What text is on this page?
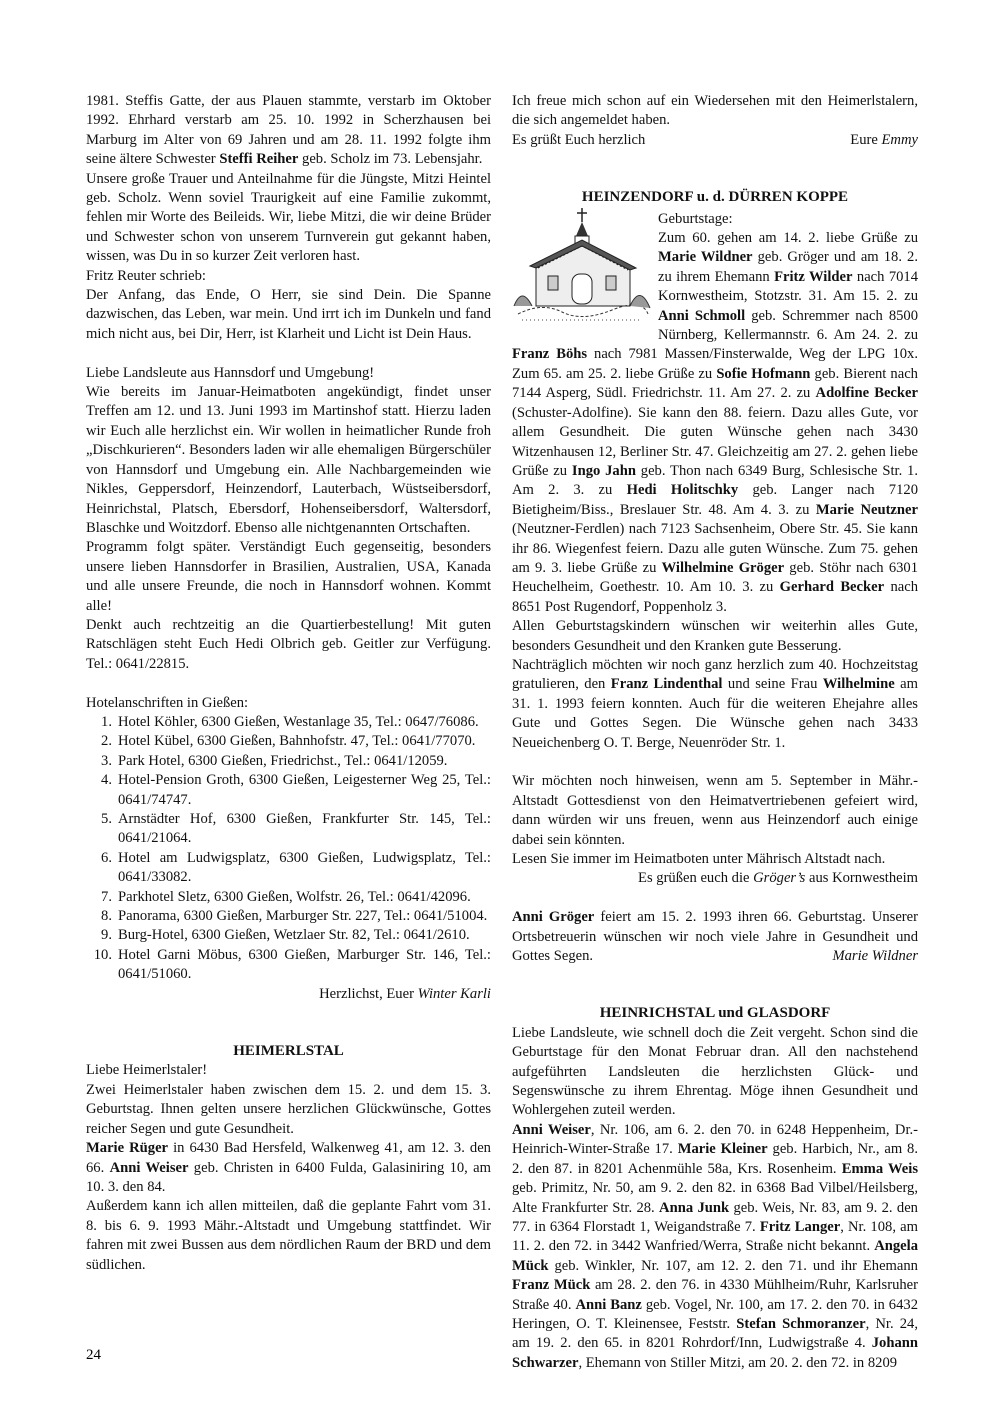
1981. Steffis Gatte, der aus Plauen stammte, verstarb im Oktober 1992. Ehrhard verstarb am 25. 10. 1992 in Scherzhausen bei Marburg im Alter von 69 Jahren und am 28. 11. 1992 folgte ihm seine ältere Schwester Steffi Reiher geb. Scholz im 73. Lebensjahr.

Unsere große Trauer und Anteilnahme für die Jüngste, Mitzi Heintel geb. Scholz. Wenn soviel Traurigkeit auf eine Familie zukommt, fehlen mir Worte des Beileids. Wir, liebe Mitzi, die wir deine Brüder und Schwester schon von unserem Turnverein gut gekannt haben, wissen, was Du in so kurzer Zeit verloren hast.

Fritz Reuter schrieb:

Der Anfang, das Ende, O Herr, sie sind Dein. Die Spanne dazwischen, das Leben, war mein. Und irrt ich im Dunkeln und fand mich nicht aus, bei Dir, Herr, ist Klarheit und Licht ist Dein Haus.

Liebe Landsleute aus Hannsdorf und Umgebung!

Wie bereits im Januar-Heimatboten angekündigt, findet unser Treffen am 12. und 13. Juni 1993 im Martinshof statt. Hierzu laden wir Euch alle herzlichst ein. Wir wollen in heimatlicher Runde froh „Dischkurieren“. Besonders laden wir alle ehemaligen Bürgerschüler von Hannsdorf und Umgebung ein. Alle Nachbargemeinden wie Nikles, Geppersdorf, Heinzendorf, Lauterbach, Wüstseibersdorf, Heinrichstal, Platsch, Ebersdorf, Hohenseibersdorf, Waltersdorf, Blaschke und Woitzdorf. Ebenso alle nichtgenannten Ortschaften.

Programm folgt später. Verständigt Euch gegenseitig, besonders unsere lieben Hannsdorfer in Brasilien, Australien, USA, Kanada und alle unsere Freunde, die noch in Hannsdorf wohnen. Kommt alle!

Denkt auch rechtzeitig an die Quartierbestellung! Mit guten Ratschlägen steht Euch Hedi Olbrich geb. Geitler zur Verfügung. Tel.: 0641/22815.

Hotelanschriften in Gießen:

1. Hotel Köhler, 6300 Gießen, Westanlage 35, Tel.: 0647/76086.
2. Hotel Kübel, 6300 Gießen, Bahnhofstr. 47, Tel.: 0641/77070.
3. Park Hotel, 6300 Gießen, Friedrichst., Tel.: 0641/12059.
4. Hotel-Pension Groth, 6300 Gießen, Leigesterner Weg 25, Tel.: 0641/74747.
5. Arnstädter Hof, 6300 Gießen, Frankfurter Str. 145, Tel.: 0641/21064.
6. Hotel am Ludwigsplatz, 6300 Gießen, Ludwigsplatz, Tel.: 0641/33082.
7. Parkhotel Sletz, 6300 Gießen, Wolfstr. 26, Tel.: 0641/42096.
8. Panorama, 6300 Gießen, Marburger Str. 227, Tel.: 0641/51004.
9. Burg-Hotel, 6300 Gießen, Wetzlaer Str. 82, Tel.: 0641/2610.
10. Hotel Garni Möbus, 6300 Gießen, Marburger Str. 146, Tel.: 0641/51060.

Herzlichst, Euer Winter Karli

HEIMERLSTAL

Liebe Heimerlstaler!

Zwei Heimerlstaler haben zwischen dem 15. 2. und dem 15. 3. Geburtstag. Ihnen gelten unsere herzlichen Glückwünsche, Gottes reicher Segen und gute Gesundheit.

Marie Rüger in 6430 Bad Hersfeld, Walkenweg 41, am 12. 3. den 66. Anni Weiser geb. Christen in 6400 Fulda, Galasiniring 10, am 10. 3. den 84.

Außerdem kann ich allen mitteilen, daß die geplante Fahrt vom 31. 8. bis 6. 9. 1993 Mähr.-Altstadt und Umgebung stattfindet. Wir fahren mit zwei Bussen aus dem nördlichen Raum der BRD und dem südlichen.

Ich freue mich schon auf ein Wiedersehen mit den Heimerlstalern, die sich angemeldet haben.

Es grüßt Euch herzlich	Eure Emmy

HEINZENDORF u. d. DÜRREN KOPPE

Geburtstage:

Zum 60. gehen am 14. 2. liebe Grüße zu Marie Wildner geb. Gröger und am 18. 2. zu ihrem Ehemann Fritz Wilder nach 7014 Kornwestheim, Stotzstr. 31. Am 15. 2. zu Anni Schmoll geb. Schremmer nach 8500 Nürnberg, Kellermannstr. 6. Am 24. 2. zu Franz Böhs nach 7981 Massen/Finsterwalde, Weg der LPG 10x. Zum 65. am 25. 2. liebe Grüße zu Sofie Hofmann geb. Bierent nach 7144 Asperg, Südl. Friedrichstr. 11. Am 27. 2. zu Adolfine Becker (Schuster-Adolfine). Sie kann den 88. feiern. Dazu alles Gute, vor allem Gesundheit. Die guten Wünsche gehen nach 3430 Witzenhausen 12, Berliner Str. 47. Gleichzeitig am 27. 2. gehen liebe Grüße zu Ingo Jahn geb. Thon nach 6349 Burg, Schlesische Str. 1. Am 2. 3. zu Hedi Holitschky geb. Langer nach 7120 Bietigheim/Biss., Breslauer Str. 48. Am 4. 3. zu Marie Neutzner (Neutzner-Ferdlen) nach 7123 Sachsenheim, Obere Str. 45. Sie kann ihr 86. Wiegenfest feiern. Dazu alle guten Wünsche. Zum 75. gehen am 9. 3. liebe Grüße zu Wilhelmine Gröger geb. Stöhr nach 6301 Heuchelheim, Goethestr. 10. Am 10. 3. zu Gerhard Becker nach 8651 Post Rugendorf, Poppenholz 3.

Allen Geburtstagskindern wünschen wir weiterhin alles Gute, besonders Gesundheit und den Kranken gute Besserung.

Nachträglich möchten wir noch ganz herzlich zum 40. Hochzeitstag gratulieren, den Franz Lindenthal und seine Frau Wilhelmine am 31. 1. 1993 feiern konnten. Auch für die weiteren Ehejahre alles Gute und Gottes Segen. Die Wünsche gehen nach 3433 Neueichenberg O. T. Berge, Neuenröder Str. 1.

Wir möchten noch hinweisen, wenn am 5. September in Mähr.-Altstadt Gottesdienst von den Heimatvertriebenen gefeiert wird, dann würden wir uns freuen, wenn aus Heinzendorf auch einige dabei sein könnten.

Lesen Sie immer im Heimatboten unter Mährisch Altstadt nach.

Es grüßen euch die Gröger’s aus Kornwestheim

Anni Gröger feiert am 15. 2. 1993 ihren 66. Geburtstag. Unserer Ortsbetreuerin wünschen wir noch viele Jahre in Gesundheit und Gottes Segen.	Marie Wildner

HEINRICHSTAL und GLASDORF

Liebe Landsleute, wie schnell doch die Zeit vergeht. Schon sind die Geburtstage für den Monat Februar dran. All den nachstehend aufgeführten Landsleuten die herzlichsten Glück- und Segenswünsche zu ihrem Ehrentag. Möge ihnen Gesundheit und Wohlergehen zuteil werden.

Anni Weiser, Nr. 106, am 6. 2. den 70. in 6248 Heppenheim, Dr.-Heinrich-Winter-Straße 17. Marie Kleiner geb. Harbich, Nr., am 8. 2. den 87. in 8201 Achenmühle 58a, Krs. Rosenheim. Emma Weis geb. Primitz, Nr. 50, am 9. 2. den 82. in 6368 Bad Vilbel/Heilsberg, Alte Frankfurter Str. 28. Anna Junk geb. Weis, Nr. 83, am 9. 2. den 77. in 6364 Florstadt 1, Weigandstraße 7. Fritz Langer, Nr. 108, am 11. 2. den 72. in 3442 Wanfried/Werra, Straße nicht bekannt. Angela Mück geb. Winkler, Nr. 107, am 12. 2. den 71. und ihr Ehemann Franz Mück am 28. 2. den 76. in 4330 Mühlheim/Ruhr, Karlsruher Straße 40. Anni Banz geb. Vogel, Nr. 100, am 17. 2. den 70. in 6432 Heringen, O. T. Kleinensee, Feststr. Stefan Schmoranzer, Nr. 24, am 19. 2. den 65. in 8201 Rohrdorf/Inn, Ludwigstraße 4. Johann Schwarzer, Ehemann von Stiller Mitzi, am 20. 2. den 72. in 8209

24
